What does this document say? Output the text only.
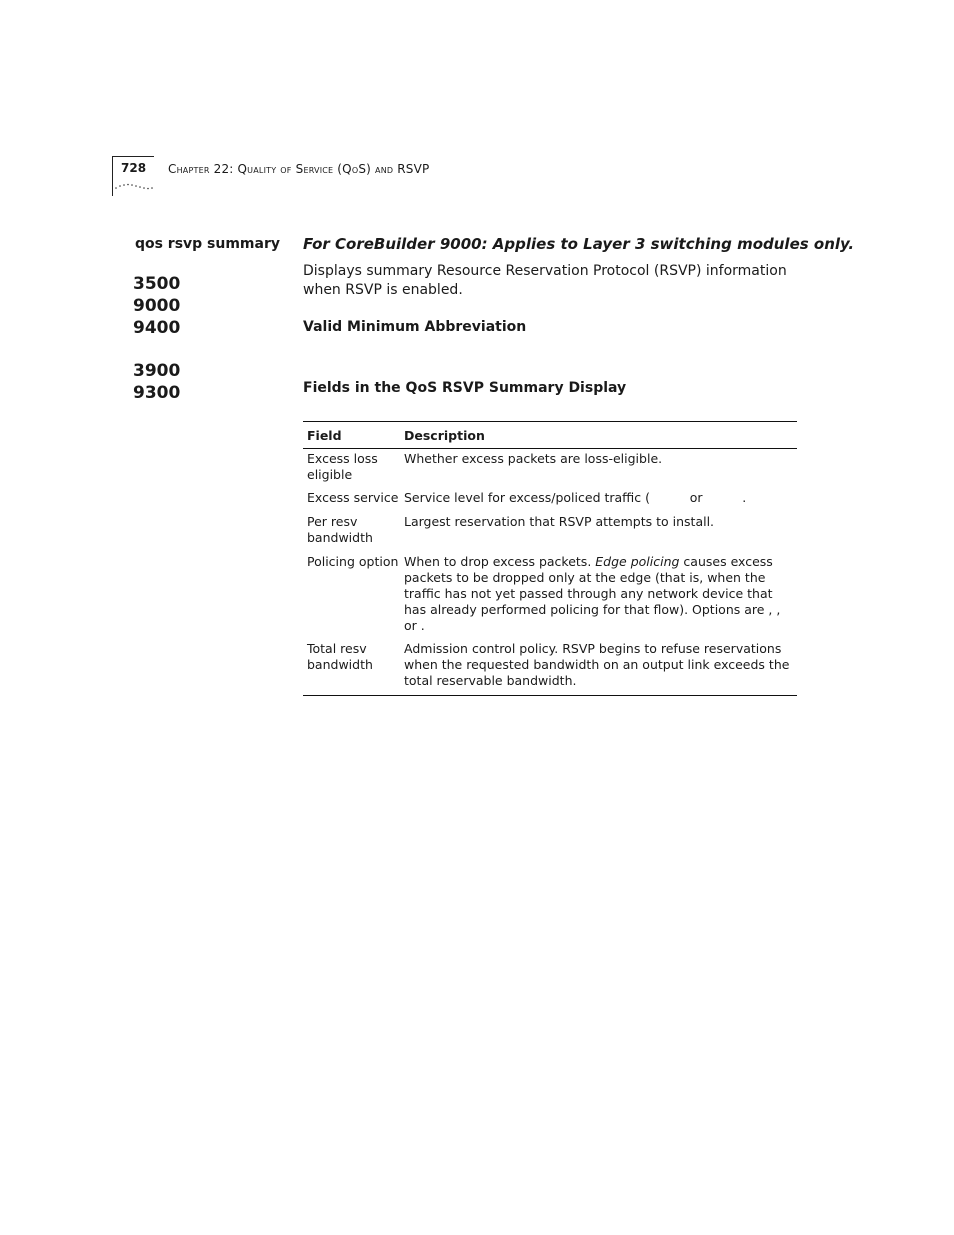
728 Chapter 22: Quality of Service (QoS) and RSVP
qos rsvp summary
3500
9000
9400
3900
9300
For CoreBuilder 9000: Applies to Layer 3 switching modules only.
Displays summary Resource Reservation Protocol (RSVP) information when RSVP is enabled.
Valid Minimum Abbreviation
Fields in the QoS RSVP Summary Display
Field	Description
Excess loss eligible
Whether excess packets are loss-eligible.
Excess service Service level for excess/policed traffic (          or          .
Per resv bandwidth
Largest reservation that RSVP attempts to install.
Policing option When to drop excess packets. Edge policing causes excess packets to be dropped only at the edge (that is, when the traffic has not yet passed through any network device that has already performed policing for that flow). Options are , ,
or .
Total resv bandwidth
Admission control policy. RSVP begins to refuse reservations when the requested bandwidth on an output link exceeds the total reservable bandwidth.
